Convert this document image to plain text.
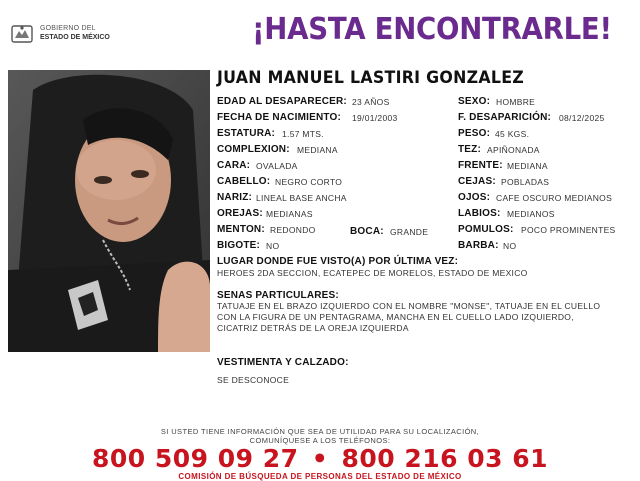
GOBIERNO DEL
ESTADO DE MÉXICO	¡HASTA ENCONTRARLE!
JUAN MANUEL LASTIRI GONZALEZ
EDAD AL DESAPARECER: 23 AÑOS
FECHA DE NACIMIENTO: 19/01/2003
ESTATURA: 1.57 MTS.
COMPLEXION: MEDIANA
CARA: OVALADA
CABELLO: NEGRO CORTO
NARIZ: LINEAL BASE ANCHA
OREJAS: MEDIANAS
MENTON: REDONDO
BIGOTE: NO
BOCA: GRANDE
SEXO: HOMBRE
F. DESAPARICIÓN: 08/12/2025
PESO: 45 KGS.
TEZ: APIÑONADA
FRENTE: MEDIANA
CEJAS: POBLADAS
OJOS: CAFE OSCURO MEDIANOS
LABIOS: MEDIANOS
POMULOS: POCO PROMINENTES
BARBA: NO
LUGAR DONDE FUE VISTO(A) POR ÚLTIMA VEZ:
HEROES 2DA SECCION, ECATEPEC DE MORELOS, ESTADO DE MEXICO
SENAS PARTICULARES:
TATUAJE EN EL BRAZO IZQUIERDO CON EL NOMBRE "MONSE", TATUAJE EN EL CUELLO CON LA FIGURA DE UN PENTAGRAMA, MANCHA EN EL CUELLO LADO IZQUIERDO, CICATRIZ DETRÁS DE LA OREJA IZQUIERDA
VESTIMENTA Y CALZADO:
SE DESCONOCE
SI USTED TIENE INFORMACIÓN QUE SEA DE UTILIDAD PARA SU LOCALIZACIÓN,
COMUNÍQUESE A LOS TELÉFONOS:
800 509 09 27 • 800 216 03 61
COMISIÓN DE BÚSQUEDA DE PERSONAS DEL ESTADO DE MÉXICO
